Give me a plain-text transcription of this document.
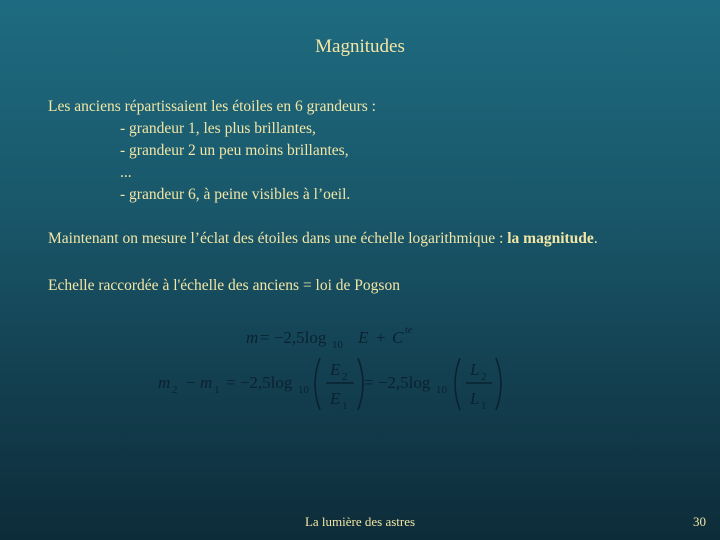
Magnitudes
Les anciens répartissaient les étoiles en 6 grandeurs :
- grandeur 1, les plus brillantes,
- grandeur 2 un peu moins brillantes,
...
- grandeur 6, à peine visibles à l’oeil.
Maintenant on mesure l’éclat des étoiles dans une échelle logarithmique : la magnitude.
Echelle raccordée à l'échelle des anciens = loi de Pogson
m = −2,5log 10 E + C te
m 2 − m 1 = −2,5log 10
E 2
E 1
= −2,5log 10
L 2
L 1
La lumière des astres	30
